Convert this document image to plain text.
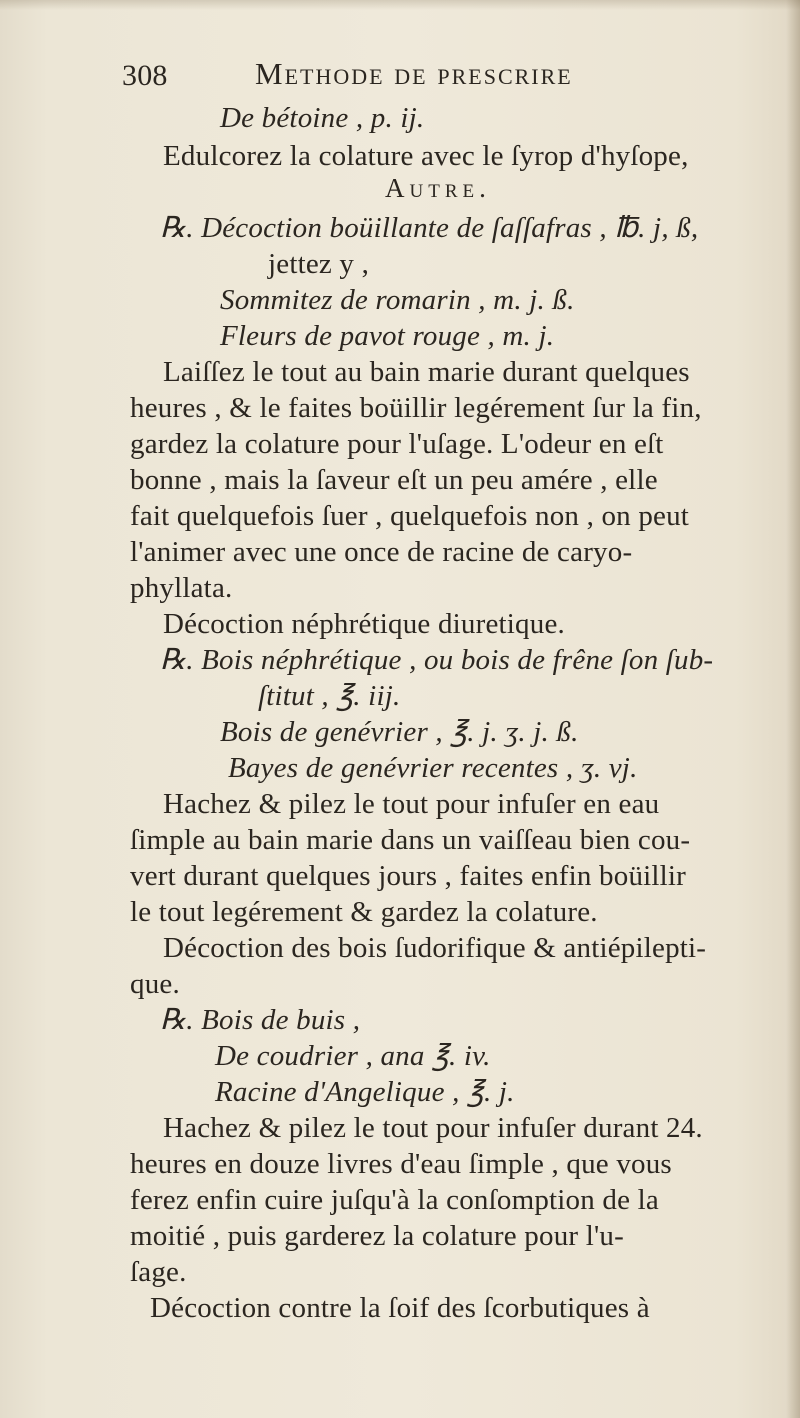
308	Methode de prescrire
De bétoine , p. ij.
Edulcorez la colature avec le ſyrop d'hyſope,
Autre.
℞. Décoction boüillante de ſaſſafras , ℔. j, ß,
jettez y ,
Sommitez de romarin , m. j. ß.
Fleurs de pavot rouge , m. j.
Laiſſez le tout au bain marie durant quelques
heures , & le faites boüillir legérement ſur la fin,
gardez la colature pour l'uſage. L'odeur en eſt
bonne , mais la ſaveur eſt un peu amére , elle
fait quelquefois ſuer , quelquefois non , on peut
l'animer avec une once de racine de caryo-
phyllata.
Décoction néphrétique diuretique.
℞. Bois néphrétique , ou bois de frêne ſon ſub-
ſtitut , ℥. iij.
Bois de genévrier , ℥. j. ʒ. j. ß.
Bayes de genévrier recentes , ʒ. vj.
Hachez & pilez le tout pour infuſer en eau
ſimple au bain marie dans un vaiſſeau bien cou-
vert durant quelques jours , faites enfin boüillir
le tout legérement & gardez la colature.
Décoction des bois ſudorifique & antiépilepti-
que.
℞. Bois de buis ,
De coudrier , ana ℥. iv.
Racine d'Angelique , ℥. j.
Hachez & pilez le tout pour infuſer durant 24.
heures en douze livres d'eau ſimple , que vous
ferez enfin cuire juſqu'à la conſomption de la
moitié , puis garderez la colature pour l'u-
ſage.
Décoction contre la ſoif des ſcorbutiques à
